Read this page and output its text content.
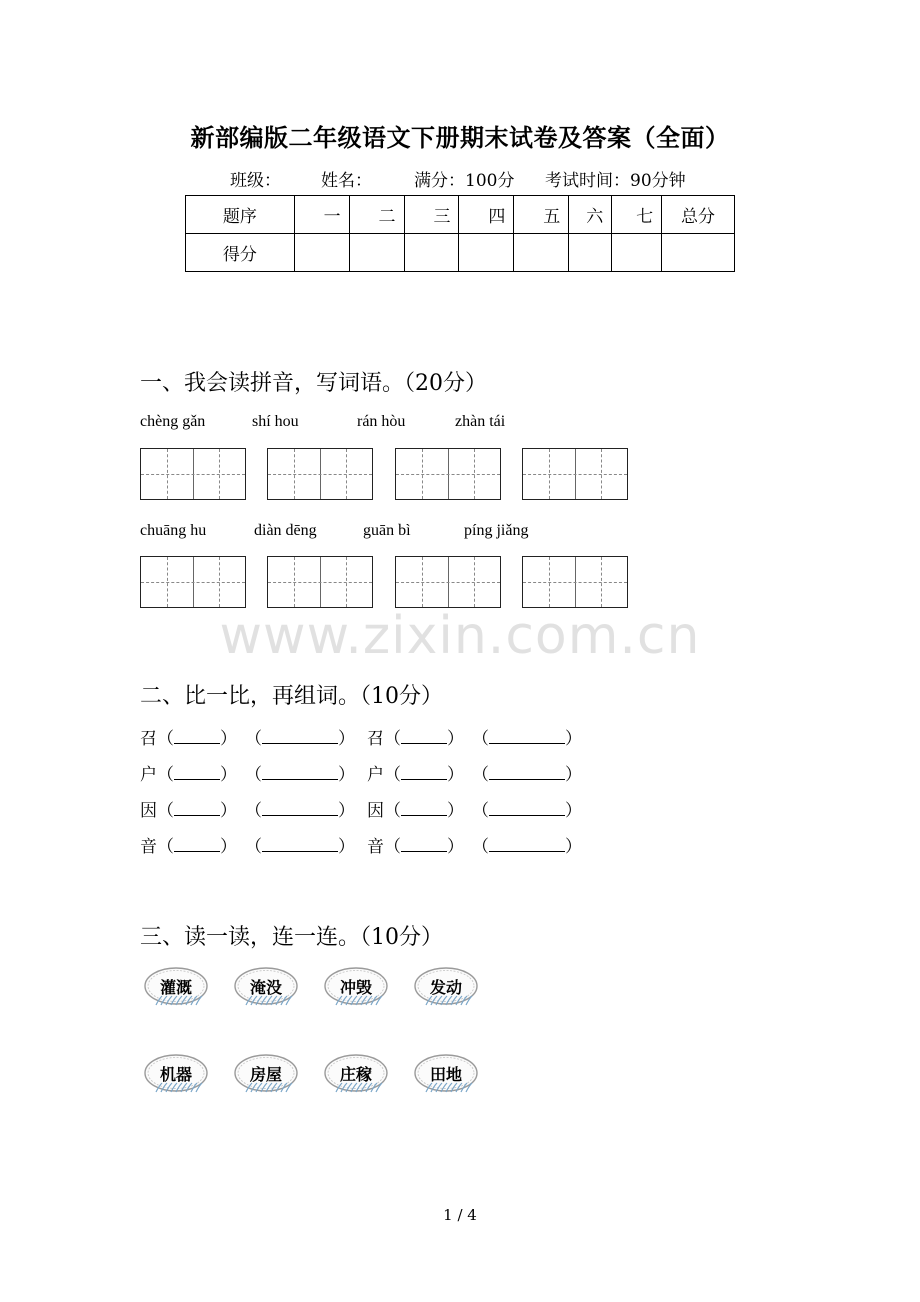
新部编版二年级语文下册期末试卷及答案（全面）
班级： 姓名： 满分：100分 考试时间：90分钟
题序	一	二	三	四	五	六	七	总分
得分								
一、我会读拼音，写词语。（20分）
chèng gǎn	shí hou	rán hòu	zhàn tái
chuāng hu	diàn dēng	guān bì	píng jiǎng
www.zixin.com.cn
二、比一比，再组词。（10分）
召（	） （	） 召（	） （	）
户（	） （	） 户（	） （	）
因（	） （	） 因（	） （	）
音（	） （	） 音（	） （	）
三、读一读，连一连。（10分）
灌溉	淹没	冲毁	发动
机器	房屋	庄稼	田地
1 / 4
